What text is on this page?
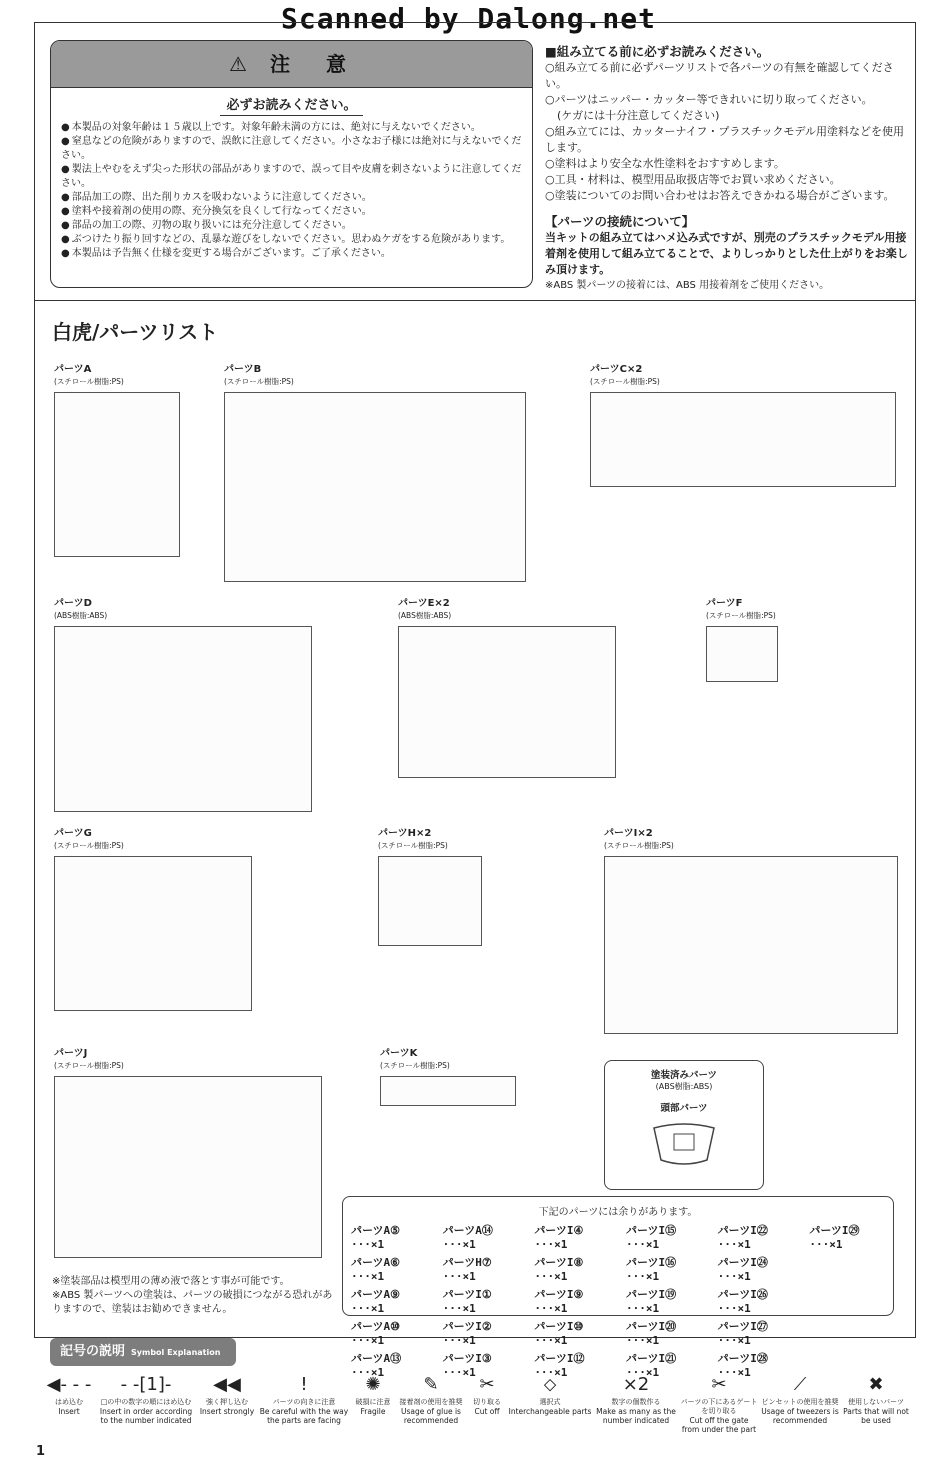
Scanned by Dalong.net
⚠ 注　意
必ずお読みください。
● 本製品の対象年齢は１５歳以上です。対象年齢未満の方には、絶対に与えないでください。
● 窒息などの危険がありますので、誤飲に注意してください。小さなお子様には絶対に与えないでください。
● 製法上やむをえず尖った形状の部品がありますので、誤って目や皮膚を刺さないように注意してください。
● 部品加工の際、出た削りカスを吸わないように注意してください。
● 塗料や接着剤の使用の際、充分換気を良くして行なってください。
● 部品の加工の際、刃物の取り扱いには充分注意してください。
● ぶつけたり振り回すなどの、乱暴な遊びをしないでください。思わぬケガをする危険があります。
● 本製品は予告無く仕様を変更する場合がございます。ご了承ください。
■組み立てる前に必ずお読みください。
○ 組み立てる前に必ずパーツリストで各パーツの有無を確認してください。
○ パーツはニッパー・カッター等できれいに切り取ってください。
(ケガには十分注意してください)
○ 組み立てには、カッターナイフ・プラスチックモデル用塗料などを使用します。
○ 塗料はより安全な水性塗料をおすすめします。
○ 工具・材料は、模型用品取扱店等でお買い求めください。
○ 塗装についてのお問い合わせはお答えできかねる場合がございます。
【パーツの接続について】
当キットの組み立てはハメ込み式ですが、別売のプラスチックモデル用接着剤を使用して組み立てることで、よりしっかりとした仕上がりをお楽しみ頂けます。
※ABS 製パーツの接着には、ABS 用接着剤をご使用ください。
白虎/パーツリスト
パーツA
(スチロール樹脂:PS)
パーツB
(スチロール樹脂:PS)
パーツC×2
(スチロール樹脂:PS)
パーツD
(ABS樹脂:ABS)
パーツE×2
(ABS樹脂:ABS)
パーツF
(スチロール樹脂:PS)
パーツG
(スチロール樹脂:PS)
パーツH×2
(スチロール樹脂:PS)
パーツI×2
(スチロール樹脂:PS)
パーツJ
(スチロール樹脂:PS)
パーツK
(スチロール樹脂:PS)
塗装済みパーツ
(ABS樹脂:ABS)
頭部パーツ
下記のパーツには余りがあります。
パーツA⑤ ···×1
パーツA⑭ ···×1
パーツI④ ···×1
パーツI⑮ ···×1
パーツI㉒ ···×1
パーツI㉙ ···×1
パーツA⑥ ···×1
パーツH⑦ ···×1
パーツI⑧ ···×1
パーツI⑯ ···×1
パーツI㉔ ···×1
パーツA⑨ ···×1
パーツI① ···×1
パーツI⑨ ···×1
パーツI⑲ ···×1
パーツI㉖ ···×1
パーツA⑩ ···×1
パーツI② ···×1
パーツI⑩ ···×1
パーツI⑳ ···×1
パーツI㉗ ···×1
パーツA⑬ ···×1
パーツI③ ···×1
パーツI⑫ ···×1
パーツI㉑ ···×1
パーツI㉘ ···×1
※塗装部品は模型用の薄め液で落とす事が可能です。
※ABS 製パーツへの塗装は、パーツの破損につながる恐れがありますので、塗装はお勧めできません。
記号の説明 Symbol Explanation
◀- - -
はめ込む
Insert
- -[1]-
□の中の数字の順にはめ込む
Insert in order according to the number indicated
◀◀
強く押し込む
Insert strongly
!
パーツの向きに注意
Be careful with the way the parts are facing
✺
破損に注意
Fragile
✎
接着剤の使用を推奨
Usage of glue is recommended
✂
切り取る
Cut off
⬦
選択式
Interchangeable parts
×2
数字の個数作る
Make as many as the number indicated
✂
パーツの下にあるゲートを切り取る
Cut off the gate from under the part
⟋
ピンセットの使用を推奨
Usage of tweezers is recommended
✖
使用しないパーツ
Parts that will not be used
1
